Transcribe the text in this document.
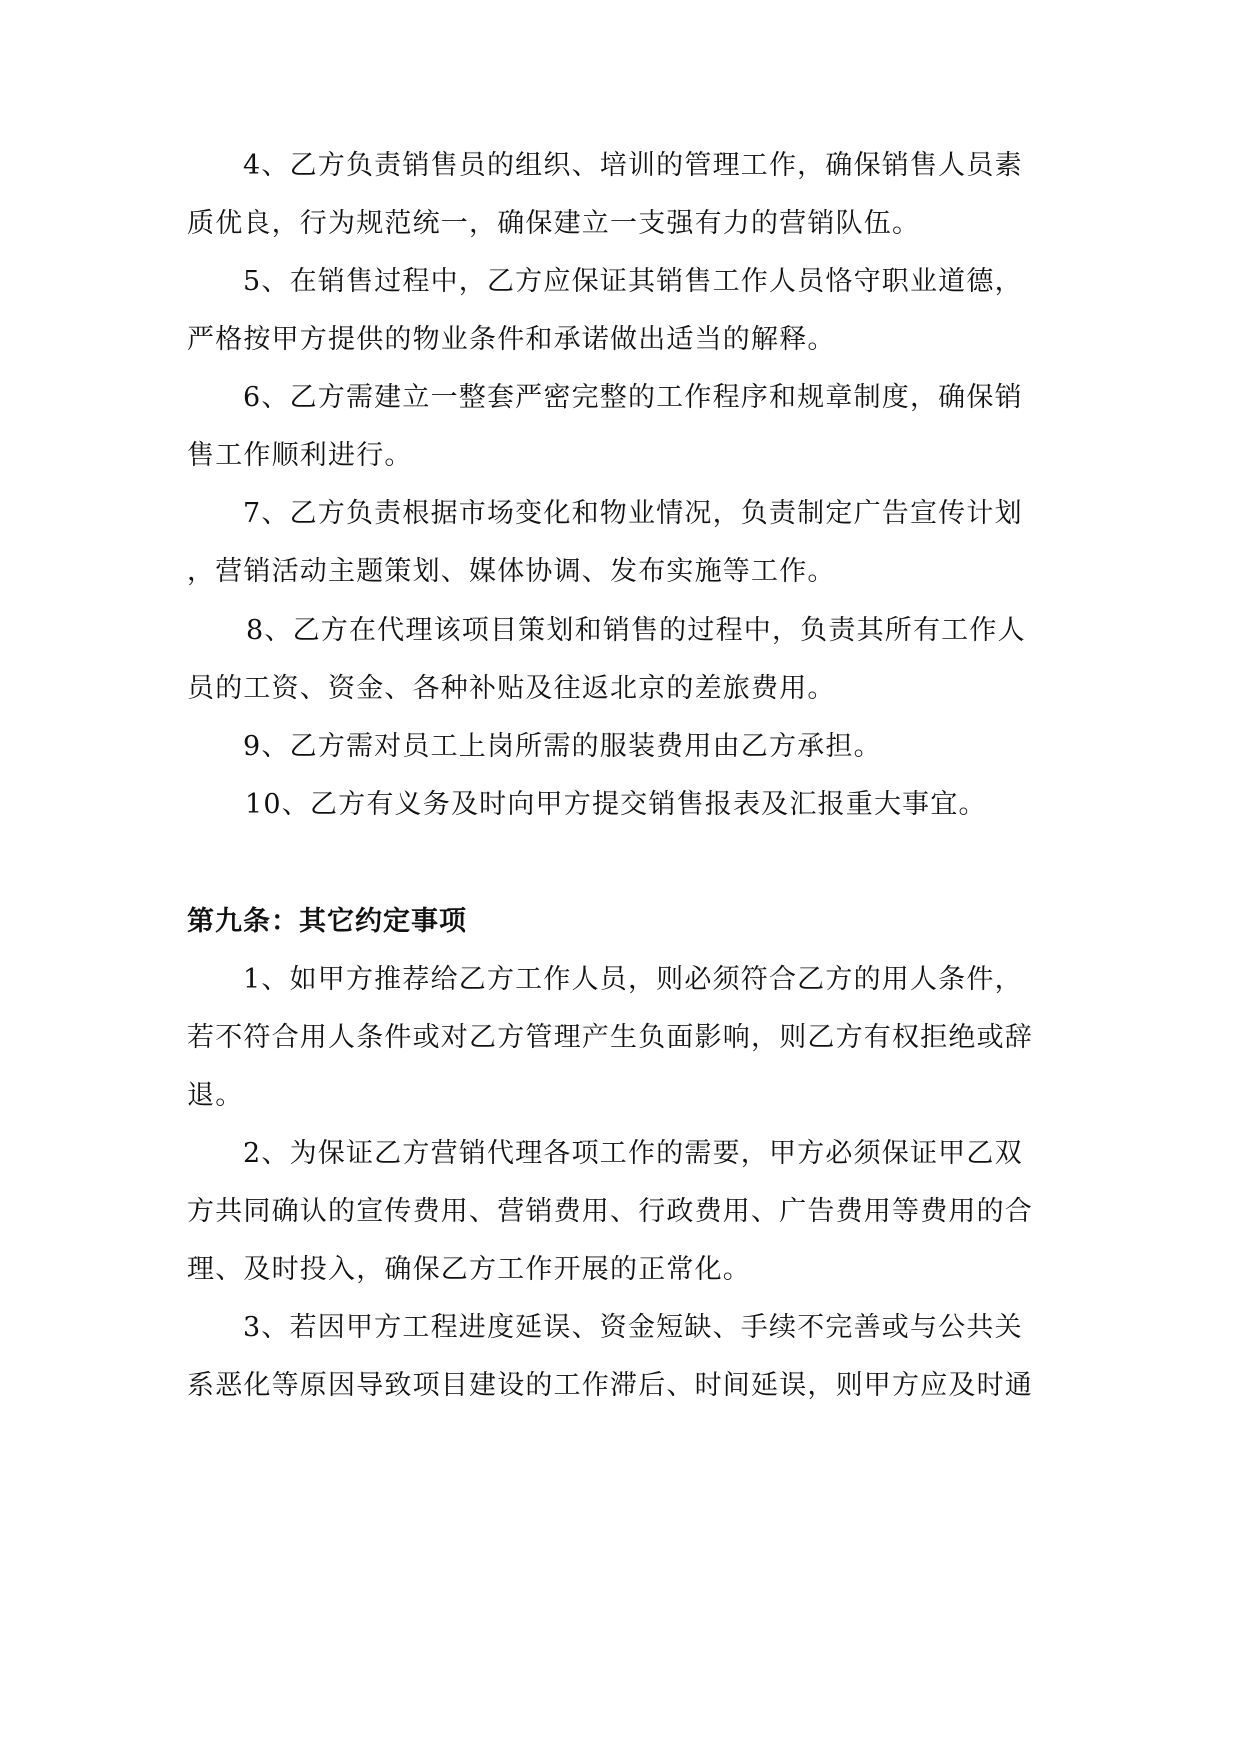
4、乙方负责销售员的组织、培训的管理工作，确保销售人员素
质优良，行为规范统一，确保建立一支强有力的营销队伍。
5、在销售过程中，乙方应保证其销售工作人员恪守职业道德，
严格按甲方提供的物业条件和承诺做出适当的解释。
6、乙方需建立一整套严密完整的工作程序和规章制度，确保销
售工作顺利进行。
7、乙方负责根据市场变化和物业情况，负责制定广告宣传计划
，营销活动主题策划、媒体协调、发布实施等工作。
8、乙方在代理该项目策划和销售的过程中，负责其所有工作人
员的工资、资金、各种补贴及往返北京的差旅费用。
9、乙方需对员工上岗所需的服装费用由乙方承担。
10、乙方有义务及时向甲方提交销售报表及汇报重大事宜。
第九条：其它约定事项
1、如甲方推荐给乙方工作人员，则必须符合乙方的用人条件，
若不符合用人条件或对乙方管理产生负面影响，则乙方有权拒绝或辞
退。
2、为保证乙方营销代理各项工作的需要，甲方必须保证甲乙双
方共同确认的宣传费用、营销费用、行政费用、广告费用等费用的合
理、及时投入，确保乙方工作开展的正常化。
3、若因甲方工程进度延误、资金短缺、手续不完善或与公共关
系恶化等原因导致项目建设的工作滞后、时间延误，则甲方应及时通
